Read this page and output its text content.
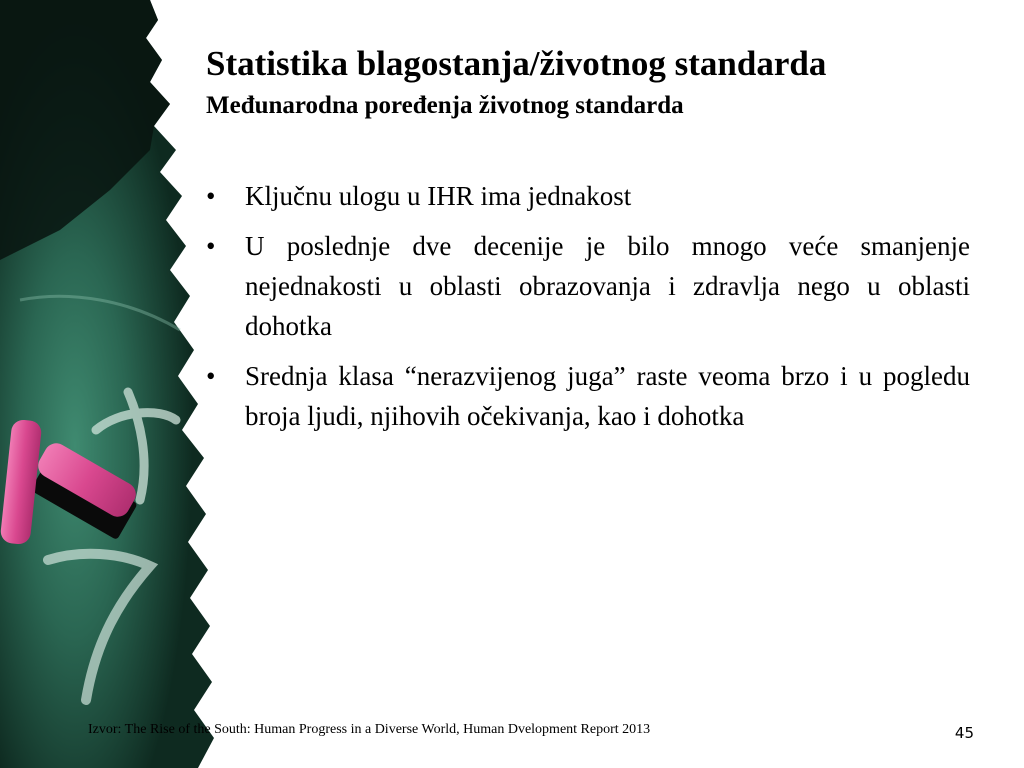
Statistika blagostanja/životnog standarda
Međunarodna poređenja životnog standarda
• Ključnu ulogu u IHR ima jednakost
• U poslednje dve decenije je bilo mnogo veće smanjenje nejednakosti u oblasti obrazovanja i zdravlja nego u oblasti dohotka
• Srednja klasa “nerazvijenog juga” raste veoma brzo i u pogledu broja ljudi, njihovih očekivanja, kao i dohotka
Izvor: The Rise of the South: Human Progress in a Diverse World, Human Dvelopment Report 2013	45
